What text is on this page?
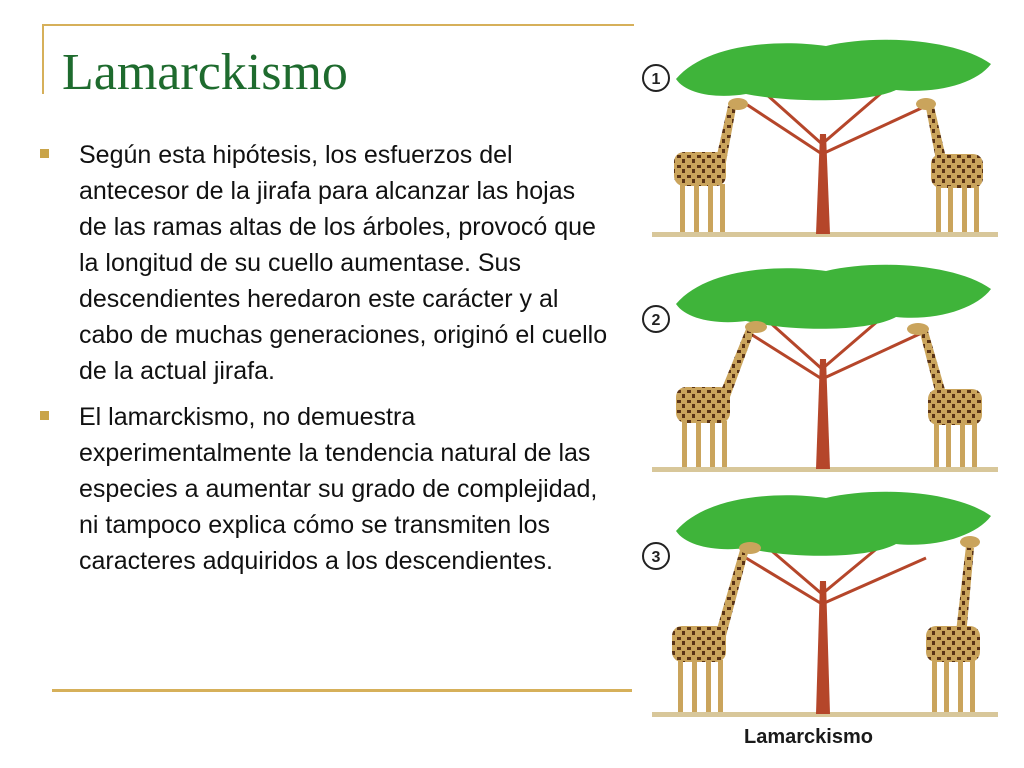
Lamarckismo
Según esta hipótesis, los esfuerzos del antecesor de la jirafa para alcanzar las hojas de las ramas altas de los árboles, provocó que la longitud de su cuello aumentase. Sus descendientes heredaron este carácter y al cabo de muchas generaciones, originó el cuello de la actual jirafa.
El lamarckismo, no demuestra experimentalmente la tendencia natural de las especies a aumentar su grado de complejidad, ni tampoco explica cómo se transmiten los caracteres adquiridos a los descendientes.
1
2
3
Lamarckismo
